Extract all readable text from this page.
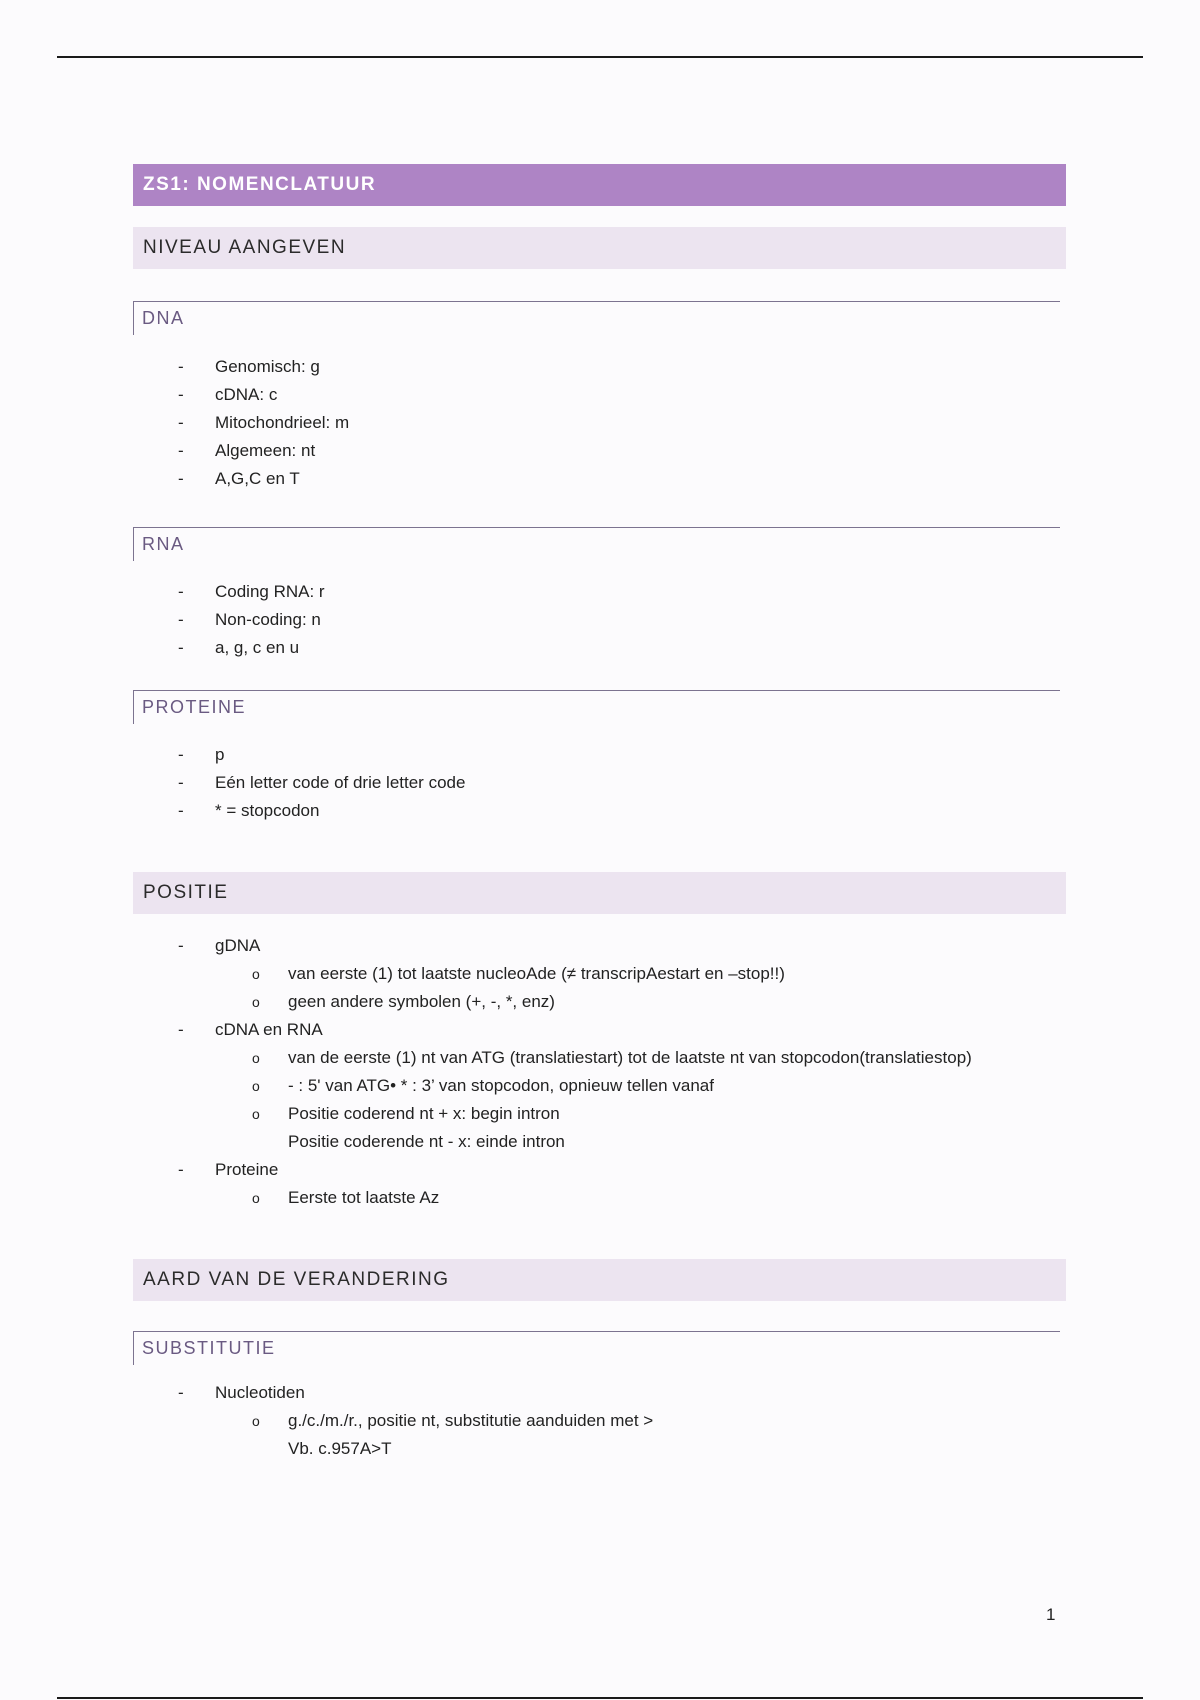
ZS1: NOMENCLATUUR
NIVEAU AANGEVEN
DNA
- Genomisch: g
- cDNA: c
- Mitochondrieel: m
- Algemeen: nt
- A,G,C en T
RNA
- Coding RNA: r
- Non-coding: n
- a, g, c en u
PROTEINE
- p
- Eén letter code of drie letter code
- * = stopcodon
POSITIE
- gDNA
o van eerste (1) tot laatste nucleoAde (≠ transcripAestart en –stop!!)
o geen andere symbolen (+, -, *, enz)
- cDNA en RNA
o van de eerste (1) nt van ATG (translatiestart) tot de laatste nt van stopcodon(translatiestop)
o - : 5' van ATG• * : 3’ van stopcodon, opnieuw tellen vanaf
o Positie coderend nt + x: begin intron
Positie coderende nt - x: einde intron
- Proteine
o Eerste tot laatste Az
AARD VAN DE VERANDERING
SUBSTITUTIE
- Nucleotiden
o g./c./m./r., positie nt, substitutie aanduiden met >
Vb. c.957A>T
1
